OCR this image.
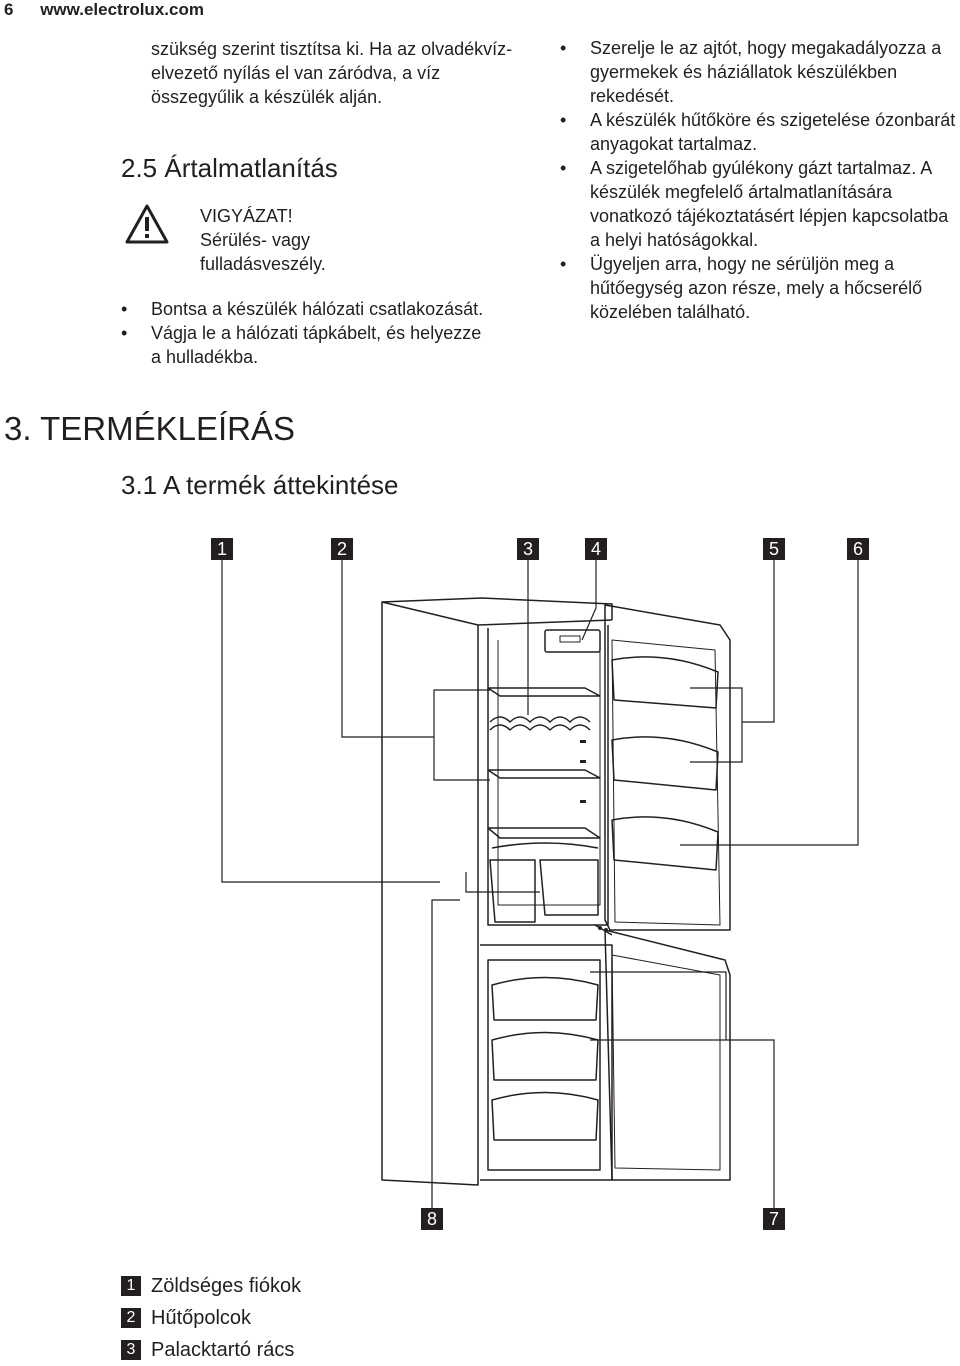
6 www.electrolux.com
szükség szerint tisztítsa ki. Ha az olvadékvíz-elvezető nyílás el van záródva, a víz összegyűlik a készülék alján.
2.5 Ártalmatlanítás
VIGYÁZAT!
Sérülés- vagy fulladásveszély.
• Bontsa a készülék hálózati csatlakozását.
• Vágja le a hálózati tápkábelt, és helyezze a hulladékba.
• Szerelje le az ajtót, hogy megakadályozza a gyermekek és háziállatok készülékben rekedését.
• A készülék hűtőköre és szigetelése ózonbarát anyagokat tartalmaz.
• A szigetelőhab gyúlékony gázt tartalmaz. A készülék megfelelő ártalmatlanítására vonatkozó tájékoztatásért lépjen kapcsolatba a helyi hatóságokkal.
• Ügyeljen arra, hogy ne sérüljön meg a hűtőegység azon része, mely a hőcserélő közelében található.
3. TERMÉKLEÍRÁS
3.1 A termék áttekintése
1	2	3	4	5	6
7
8
1 Zöldséges fiókok
2 Hűtőpolcok
3 Palacktartó rács
